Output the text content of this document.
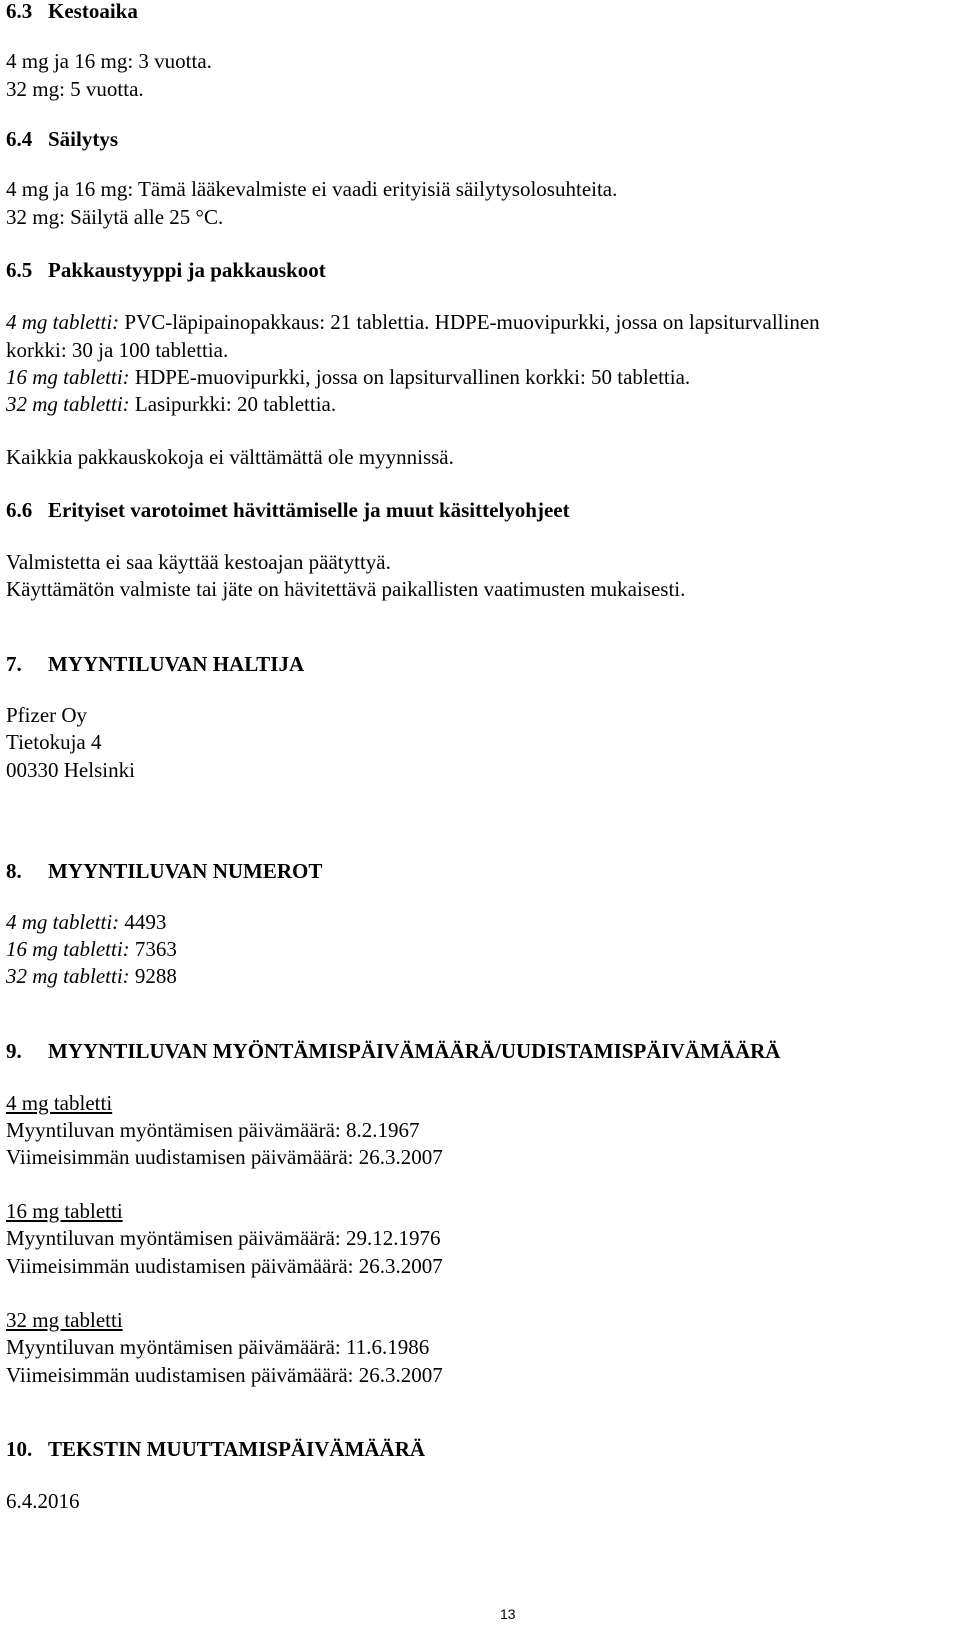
6.3 Kestoaika
4 mg ja 16 mg: 3 vuotta.
32 mg: 5 vuotta.
6.4 Säilytys
4 mg ja 16 mg: Tämä lääkevalmiste ei vaadi erityisiä säilytysolosuhteita.
32 mg: Säilytä alle 25 °C.
6.5 Pakkaustyyppi ja pakkauskoot
4 mg tabletti: PVC-läpipainopakkaus: 21 tablettia. HDPE-muovipurkki, jossa on lapsiturvallinen
korkki: 30 ja 100 tablettia.
16 mg tabletti: HDPE-muovipurkki, jossa on lapsiturvallinen korkki: 50 tablettia.
32 mg tabletti: Lasipurkki: 20 tablettia.
Kaikkia pakkauskokoja ei välttämättä ole myynnissä.
6.6 Erityiset varotoimet hävittämiselle ja muut käsittelyohjeet
Valmistetta ei saa käyttää kestoajan päätyttyä.
Käyttämätön valmiste tai jäte on hävitettävä paikallisten vaatimusten mukaisesti.
7. MYYNTILUVAN HALTIJA
Pfizer Oy
Tietokuja 4
00330 Helsinki
8. MYYNTILUVAN NUMEROT
4 mg tabletti: 4493
16 mg tabletti: 7363
32 mg tabletti: 9288
9. MYYNTILUVAN MYÖNTÄMISPÄIVÄMÄÄRÄ/UUDISTAMISPÄIVÄMÄÄRÄ
4 mg tabletti
Myyntiluvan myöntämisen päivämäärä: 8.2.1967
Viimeisimmän uudistamisen päivämäärä: 26.3.2007
16 mg tabletti
Myyntiluvan myöntämisen päivämäärä: 29.12.1976
Viimeisimmän uudistamisen päivämäärä: 26.3.2007
32 mg tabletti
Myyntiluvan myöntämisen päivämäärä: 11.6.1986
Viimeisimmän uudistamisen päivämäärä: 26.3.2007
10. TEKSTIN MUUTTAMISPÄIVÄMÄÄRÄ
6.4.2016
13
